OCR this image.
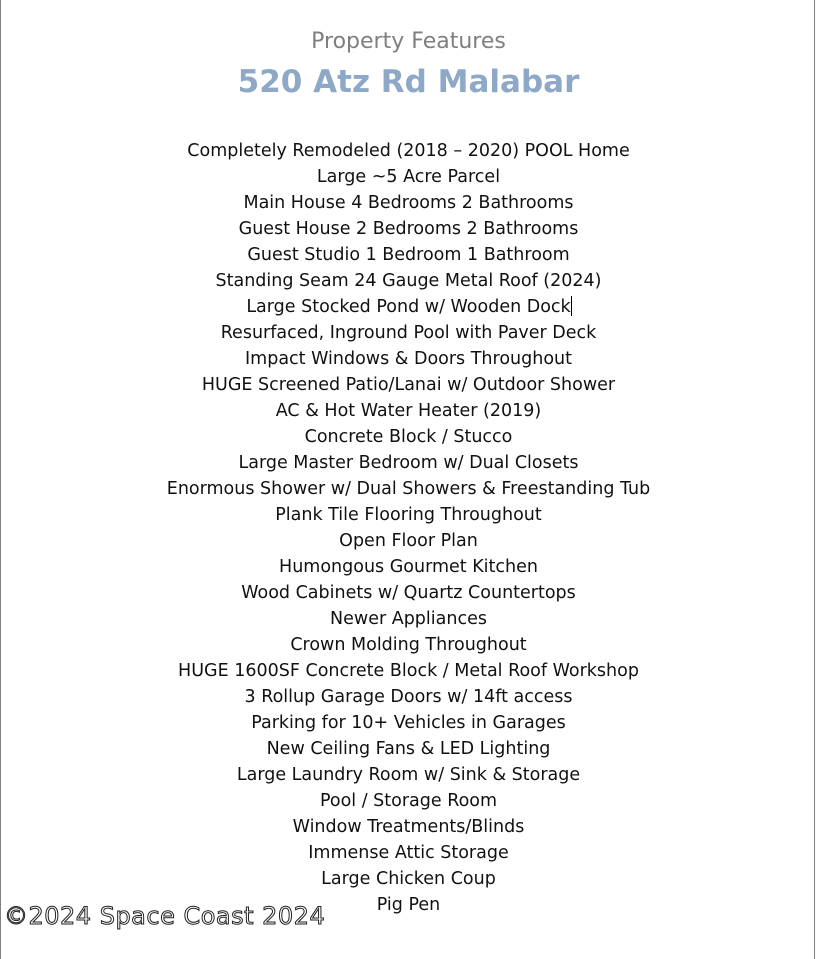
Property Features
520 Atz Rd Malabar
Completely Remodeled (2018 – 2020) POOL Home
Large ~5 Acre Parcel
Main House 4 Bedrooms 2 Bathrooms
Guest House 2 Bedrooms 2 Bathrooms
Guest Studio 1 Bedroom 1 Bathroom
Standing Seam 24 Gauge Metal Roof (2024)
Large Stocked Pond w/ Wooden Dock
Resurfaced, Inground Pool with Paver Deck
Impact Windows & Doors Throughout
HUGE Screened Patio/Lanai w/ Outdoor Shower
AC & Hot Water Heater (2019)
Concrete Block / Stucco
Large Master Bedroom w/ Dual Closets
Enormous Shower w/ Dual Showers & Freestanding Tub
Plank Tile Flooring Throughout
Open Floor Plan
Humongous Gourmet Kitchen
Wood Cabinets w/ Quartz Countertops
Newer Appliances
Crown Molding Throughout
HUGE 1600SF Concrete Block / Metal Roof Workshop
3 Rollup Garage Doors w/ 14ft access
Parking for 10+ Vehicles in Garages
New Ceiling Fans & LED Lighting
Large Laundry Room w/ Sink & Storage
Pool / Storage Room
Window Treatments/Blinds
Immense Attic Storage
Large Chicken Coup
Pig Pen
©2024 Space Coast 2024
